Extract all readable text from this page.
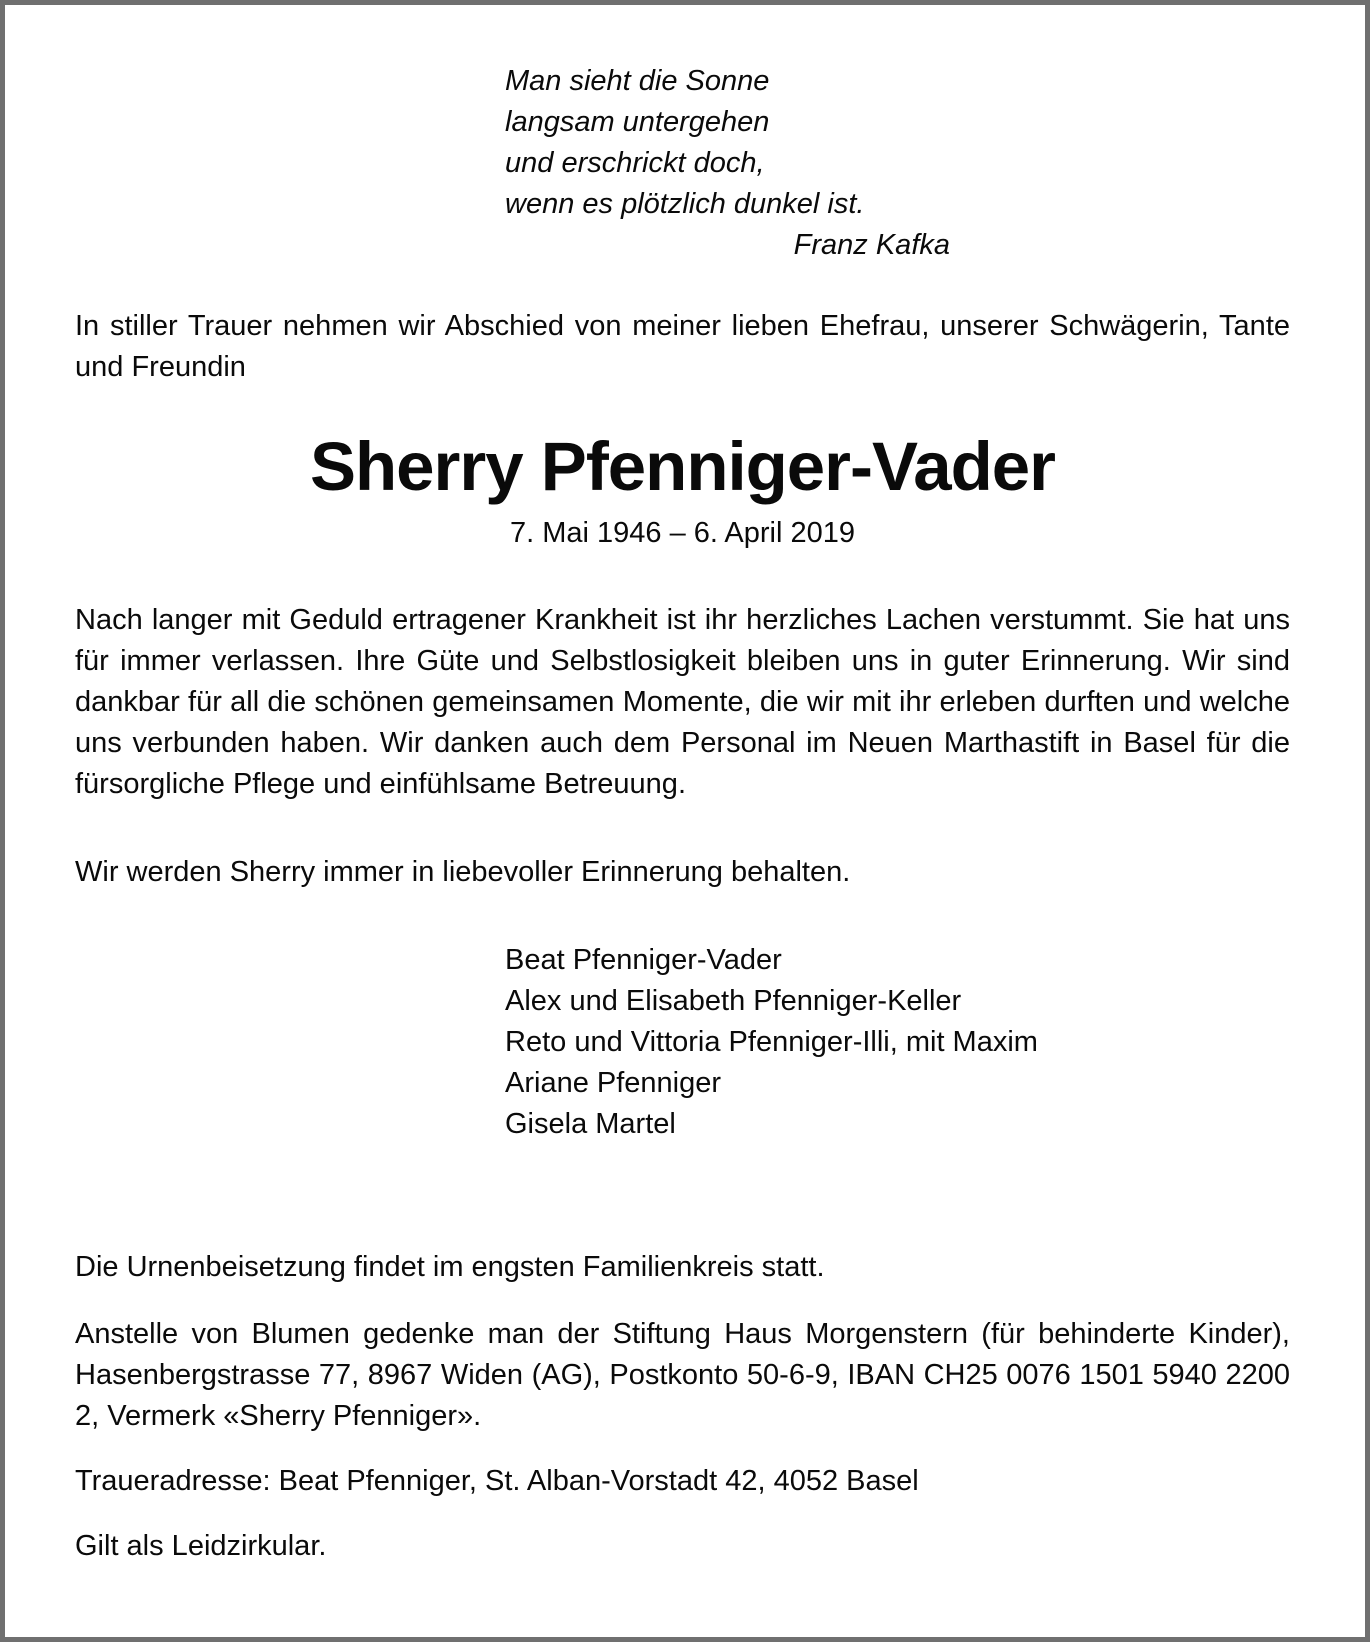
Man sieht die Sonne
langsam untergehen
und erschrickt doch,
wenn es plötzlich dunkel ist.
Franz Kafka

In stiller Trauer nehmen wir Abschied von meiner lieben Ehefrau, unserer Schwägerin, Tante und Freundin

Sherry Pfenniger-Vader
7. Mai 1946 – 6. April 2019

Nach langer mit Geduld ertragener Krankheit ist ihr herzliches Lachen verstummt. Sie hat uns für immer verlassen. Ihre Güte und Selbstlosigkeit bleiben uns in guter Erinnerung. Wir sind dankbar für all die schönen gemeinsamen Momente, die wir mit ihr erleben durften und welche uns verbunden haben. Wir danken auch dem Personal im Neuen Marthastift in Basel für die fürsorgliche Pflege und einfühlsame Betreuung.

Wir werden Sherry immer in liebevoller Erinnerung behalten.

Beat Pfenniger-Vader
Alex und Elisabeth Pfenniger-Keller
Reto und Vittoria Pfenniger-Illi, mit Maxim
Ariane Pfenniger
Gisela Martel

Die Urnenbeisetzung findet im engsten Familienkreis statt.

Anstelle von Blumen gedenke man der Stiftung Haus Morgenstern (für behinderte Kinder), Hasenbergstrasse 77, 8967 Widen (AG), Postkonto 50-6-9, IBAN CH25 0076 1501 5940 2200 2, Vermerk «Sherry Pfenniger».

Traueradresse: Beat Pfenniger, St. Alban-Vorstadt 42, 4052 Basel

Gilt als Leidzirkular.
